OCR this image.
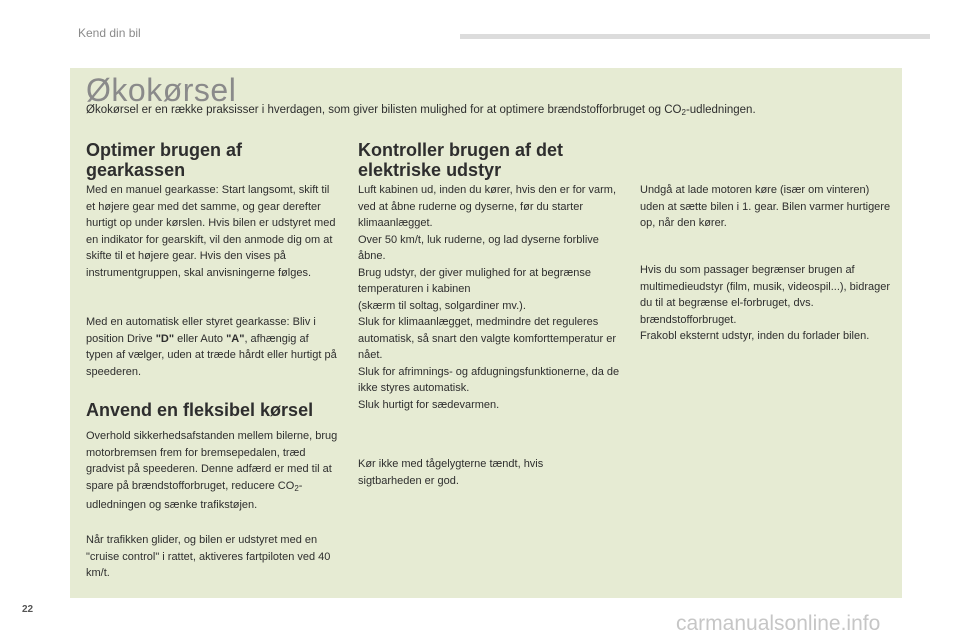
Kend din bil
Økokørsel
Økokørsel er en række praksisser i hverdagen, som giver bilisten mulighed for at optimere brændstofforbruget og $CO_2$-udledningen.
Optimer brugen af gearkassen
Med en manuel gearkasse: Start langsomt, skift til et højere gear med det samme, og gear derefter hurtigt op under kørslen. Hvis bilen er udstyret med en indikator for gearskift, vil den anmode dig om at skifte til et højere gear. Hvis den vises på instrumentgruppen, skal anvisningerne følges.
Med en automatisk eller styret gearkasse: Bliv i position Drive "D" eller Auto "A", afhængig af typen af vælger, uden at træde hårdt eller hurtigt på speederen.
Anvend en fleksibel kørsel
Overhold sikkerhedsafstanden mellem bilerne, brug motorbremsen frem for bremsepedalen, træd gradvist på speederen. Denne adfærd er med til at spare på brændstofforbruget, reducere $CO_2$-udledningen og sænke trafikstøjen.
Når trafikken glider, og bilen er udstyret med en "cruise control" i rattet, aktiveres fartpiloten ved 40 km/t.
Kontroller brugen af det elektriske udstyr
Luft kabinen ud, inden du kører, hvis den er for varm, ved at åbne ruderne og dyserne, før du starter klimaanlægget.
Over 50 km/t, luk ruderne, og lad dyserne forblive åbne.
Brug udstyr, der giver mulighed for at begrænse temperaturen i kabinen
(skærm til soltag, solgardiner mv.).
Sluk for klimaanlægget, medmindre det reguleres automatisk, så snart den valgte komforttemperatur er nået.
Sluk for afrimnings- og afdugningsfunktionerne, da de ikke styres automatisk.
Sluk hurtigt for sædevarmen.
Kør ikke med tågelygterne tændt, hvis sigtbarheden er god.
Undgå at lade motoren køre (især om vinteren) uden at sætte bilen i 1. gear. Bilen varmer hurtigere op, når den kører.
Hvis du som passager begrænser brugen af multimedieudstyr (film, musik, videospil...), bidrager du til at begrænse el-forbruget, dvs. brændstofforbruget.
Frakobl eksternt udstyr, inden du forlader bilen.
22
carmanualsonline.info
